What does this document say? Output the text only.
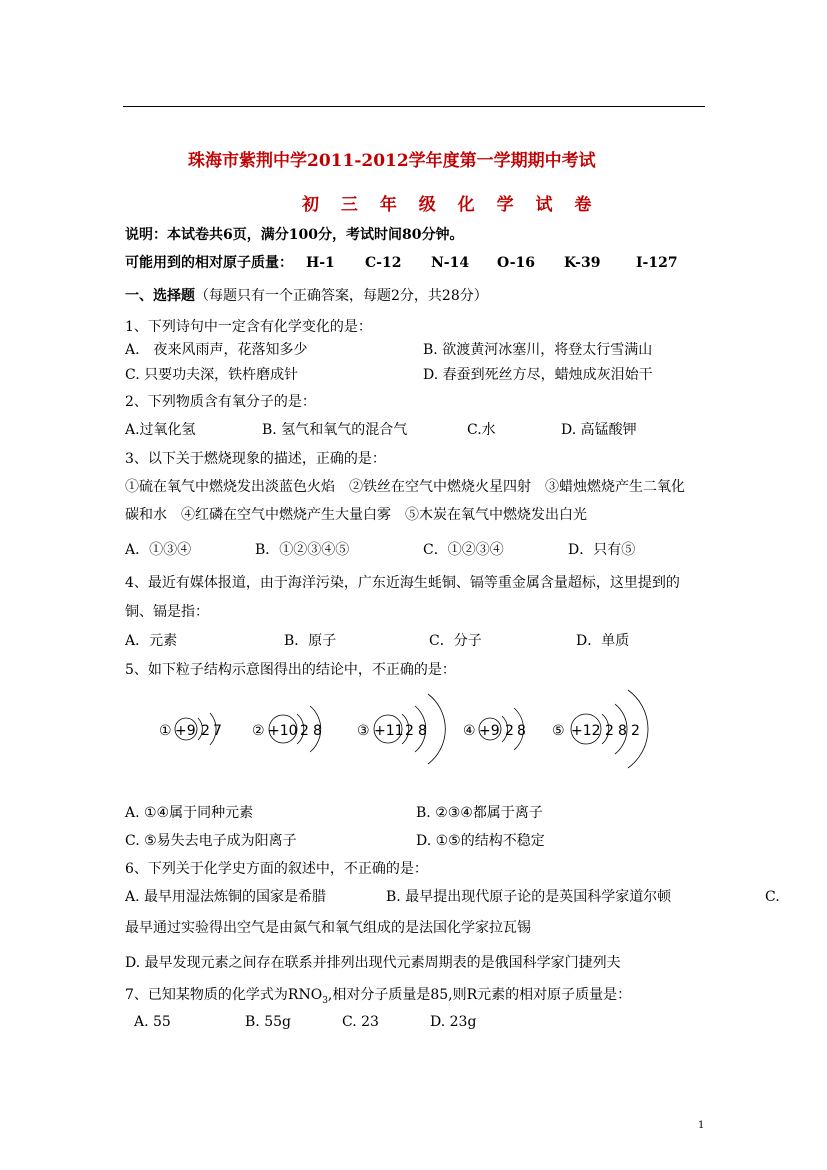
珠海市紫荆中学2011-2012学年度第一学期期中考试
初 三 年 级 化 学 试 卷
说明：本试卷共6页，满分100分，考试时间80分钟。
可能用到的相对原子质量： H-1 C-12 N-14 O-16 K-39	I-127
一、选择题（每题只有一个正确答案，每题2分，共28分）
1、下列诗句中一定含有化学变化的是：
A.　夜来风雨声，花落知多少	B. 欲渡黄河冰塞川，将登太行雪满山
C. 只要功夫深，铁杵磨成针	D. 春蚕到死丝方尽，蜡烛成灰泪始干
2、下列物质含有氧分子的是：
A.过氧化氢	B. 氢气和氧气的混合气	C.水	D. 高锰酸钾
3、以下关于燃烧现象的描述，正确的是：
①硫在氧气中燃烧发出淡蓝色火焰　②铁丝在空气中燃烧火星四射　③蜡烛燃烧产生二氧化
碳和水　④红磷在空气中燃烧产生大量白雾　⑤木炭在氧气中燃烧发出白光
A．①③④	B．①②③④⑤	C．①②③④	D．只有⑤
4、最近有媒体报道，由于海洋污染，广东近海生蚝铜、镉等重金属含量超标，这里提到的
铜、镉是指：
A．元素	B．原子	C．分子	D．单质
5、如下粒子结构示意图得出的结论中，不正确的是：
① +9 2 7 ② +10 2 8	③ +11 2 8	④ +9 2 8 ⑤ +12 2 8 2
A. ①④属于同种元素	B. ②③④都属于离子
C. ⑤易失去电子成为阳离子	D. ①⑤的结构不稳定
6、下列关于化学史方面的叙述中，不正确的是：
A. 最早用湿法炼铜的国家是希腊	B. 最早提出现代原子论的是英国科学家道尔顿	C.
最早通过实验得出空气是由氮气和氧气组成的是法国化学家拉瓦锡
D. 最早发现元素之间存在联系并排列出现代元素周期表的是俄国科学家门捷列夫
7、已知某物质的化学式为$RNO_3$,相对分子质量是85,则R元素的相对原子质量是：
A. 55	B. 55g	C. 23	D. 23g
1
